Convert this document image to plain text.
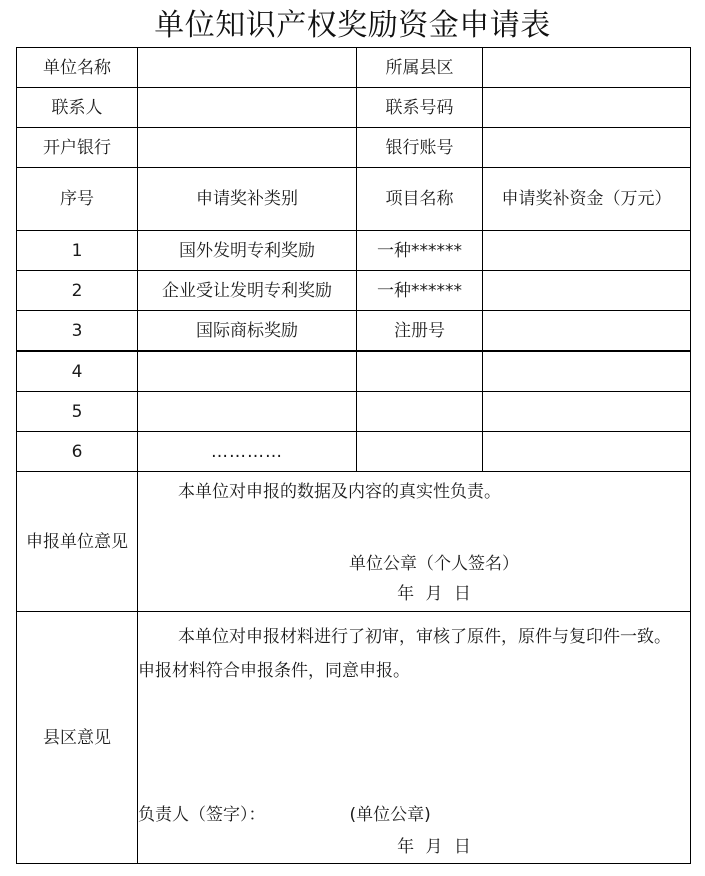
单位知识产权奖励资金申请表
单位名称		所属县区	
联系人		联系号码	
开户银行		银行账号	
序号	申请奖补类别	项目名称	申请奖补资金（万元）
1	国外发明专利奖励	一种******	
2	企业受让发明专利奖励	一种******	
3	国际商标奖励	注册号	
4			
5			
6	…………		
申报单位意见	本单位对申报的数据及内容的真实性负责。
单位公章（个人签名）
年 月 日		

县区意见	本单位对申报材料进行了初审，审核了原件，原件与复印件一致。申报材料符合申报条件，同意申报。
负责人（签字）： (单位公章)
年 月 日		
